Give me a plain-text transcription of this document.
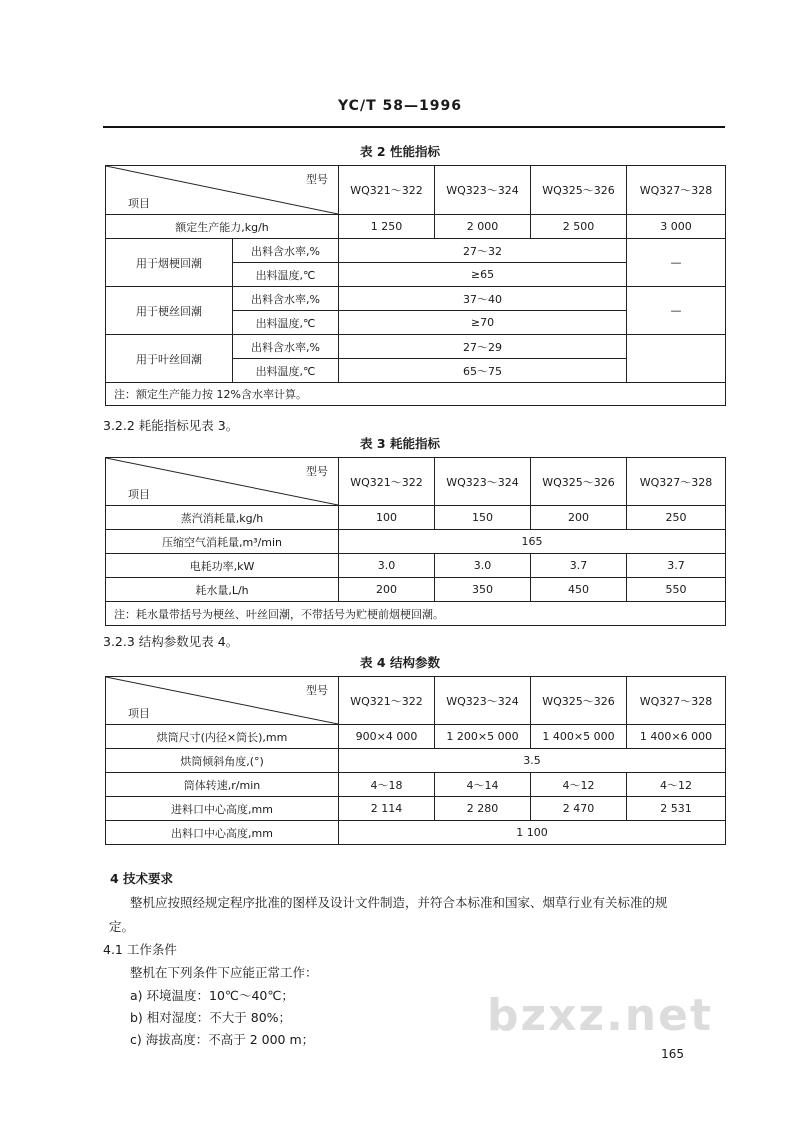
YC/T 58—1996
表 2 性能指标
型号
项目		WQ321～322	WQ323～324	WQ325～326	WQ327～328
额定生产能力,kg/h		1 250	2 000	2 500	3 000
用于烟梗回潮	出料含水率,%	27～32			—
	出料温度,℃	≥65			
用于梗丝回潮	出料含水率,%	37～40			—
	出料温度,℃	≥70			
用于叶丝回潮	出料含水率,%	27～29			
	出料温度,℃	65～75			
注：额定生产能力按 12%含水率计算。					
3.2.2 耗能指标见表 3。
表 3 耗能指标
型号
项目	WQ321～322	WQ323～324	WQ325～326	WQ327～328
蒸汽消耗量,kg/h	100	150	200	250
压缩空气消耗量,m³/min	165			
电耗功率,kW	3.0	3.0	3.7	3.7
耗水量,L/h	200	350	450	550
注：耗水量带括号为梗丝、叶丝回潮，不带括号为贮梗前烟梗回潮。				
3.2.3 结构参数见表 4。
表 4 结构参数
型号
项目	WQ321～322	WQ323～324	WQ325～326	WQ327～328
烘筒尺寸(内径×筒长),mm	900×4 000	1 200×5 000	1 400×5 000	1 400×6 000
烘筒倾斜角度,(°)	3.5			
筒体转速,r/min	4～18	4～14	4～12	4～12
进料口中心高度,mm	2 114	2 280	2 470	2 531
出料口中心高度,mm	1 100			
4 技术要求
整机应按照经规定程序批准的图样及设计文件制造，并符合本标准和国家、烟草行业有关标准的规
定。
4.1 工作条件
整机在下列条件下应能正常工作：
a) 环境温度：10℃～40℃；
b) 相对湿度：不大于 80%；
c) 海拔高度：不高于 2 000 m；	bzxz.net
165
